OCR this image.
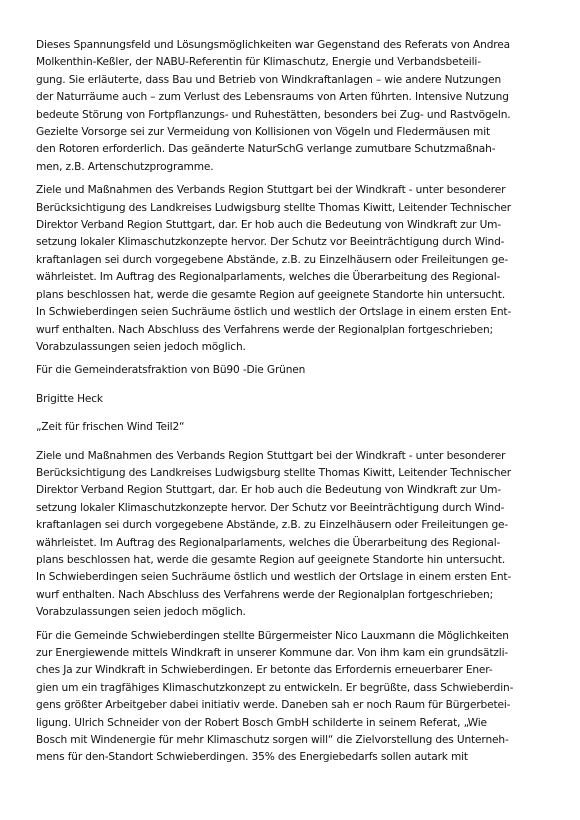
Dieses Spannungsfeld und Lösungsmöglichkeiten war Gegenstand des Referats von Andrea
Molkenthin-Keßler, der NABU-Referentin für Klimaschutz, Energie und Verbandsbeteili-
gung. Sie erläuterte, dass Bau und Betrieb von Windkraftanlagen – wie andere Nutzungen
der Naturräume auch – zum Verlust des Lebensraums von Arten führten. Intensive Nutzung
bedeute Störung von Fortpflanzungs- und Ruhestätten, besonders bei Zug- und Rastvögeln.
Gezielte Vorsorge sei zur Vermeidung von Kollisionen von Vögeln und Fledermäusen mit
den Rotoren erforderlich. Das geänderte NaturSchG verlange zumutbare Schutzmaßnah-
men, z.B. Artenschutzprogramme.
Ziele und Maßnahmen des Verbands Region Stuttgart bei der Windkraft - unter besonderer
Berücksichtigung des Landkreises Ludwigsburg stellte Thomas Kiwitt, Leitender Technischer
Direktor Verband Region Stuttgart, dar. Er hob auch die Bedeutung von Windkraft zur Um-
setzung lokaler Klimaschutzkonzepte hervor. Der Schutz vor Beeinträchtigung durch Wind-
kraftanlagen sei durch vorgegebene Abstände, z.B. zu Einzelhäusern oder Freileitungen ge-
währleistet. Im Auftrag des Regionalparlaments, welches die Überarbeitung des Regional-
plans beschlossen hat, werde die gesamte Region auf geeignete Standorte hin untersucht.
In Schwieberdingen seien Suchräume östlich und westlich der Ortslage in einem ersten Ent-
wurf enthalten. Nach Abschluss des Verfahrens werde der Regionalplan fortgeschrieben;
Vorabzulassungen seien jedoch möglich.
Für die Gemeinderatsfraktion von Bü90 -Die Grünen
Brigitte Heck
„Zeit für frischen Wind Teil2“
Ziele und Maßnahmen des Verbands Region Stuttgart bei der Windkraft - unter besonderer
Berücksichtigung des Landkreises Ludwigsburg stellte Thomas Kiwitt, Leitender Technischer
Direktor Verband Region Stuttgart, dar. Er hob auch die Bedeutung von Windkraft zur Um-
setzung lokaler Klimaschutzkonzepte hervor. Der Schutz vor Beeinträchtigung durch Wind-
kraftanlagen sei durch vorgegebene Abstände, z.B. zu Einzelhäusern oder Freileitungen ge-
währleistet. Im Auftrag des Regionalparlaments, welches die Überarbeitung des Regional-
plans beschlossen hat, werde die gesamte Region auf geeignete Standorte hin untersucht.
In Schwieberdingen seien Suchräume östlich und westlich der Ortslage in einem ersten Ent-
wurf enthalten. Nach Abschluss des Verfahrens werde der Regionalplan fortgeschrieben;
Vorabzulassungen seien jedoch möglich.
Für die Gemeinde Schwieberdingen stellte Bürgermeister Nico Lauxmann die Möglichkeiten
zur Energiewende mittels Windkraft in unserer Kommune dar. Von ihm kam ein grundsätzli-
ches Ja zur Windkraft in Schwieberdingen. Er betonte das Erfordernis erneuerbarer Ener-
gien um ein tragfähiges Klimaschutzkonzept zu entwickeln. Er begrüßte, dass Schwieberdin-
gens größter Arbeitgeber dabei initiativ werde. Daneben sah er noch Raum für Bürgerbetei-
ligung. Ulrich Schneider von der Robert Bosch GmbH schilderte in seinem Referat, „Wie
Bosch mit Windenergie für mehr Klimaschutz sorgen will“ die Zielvorstellung des Unterneh-
mens für den-Standort Schwieberdingen. 35% des Energiebedarfs sollen autark mit
